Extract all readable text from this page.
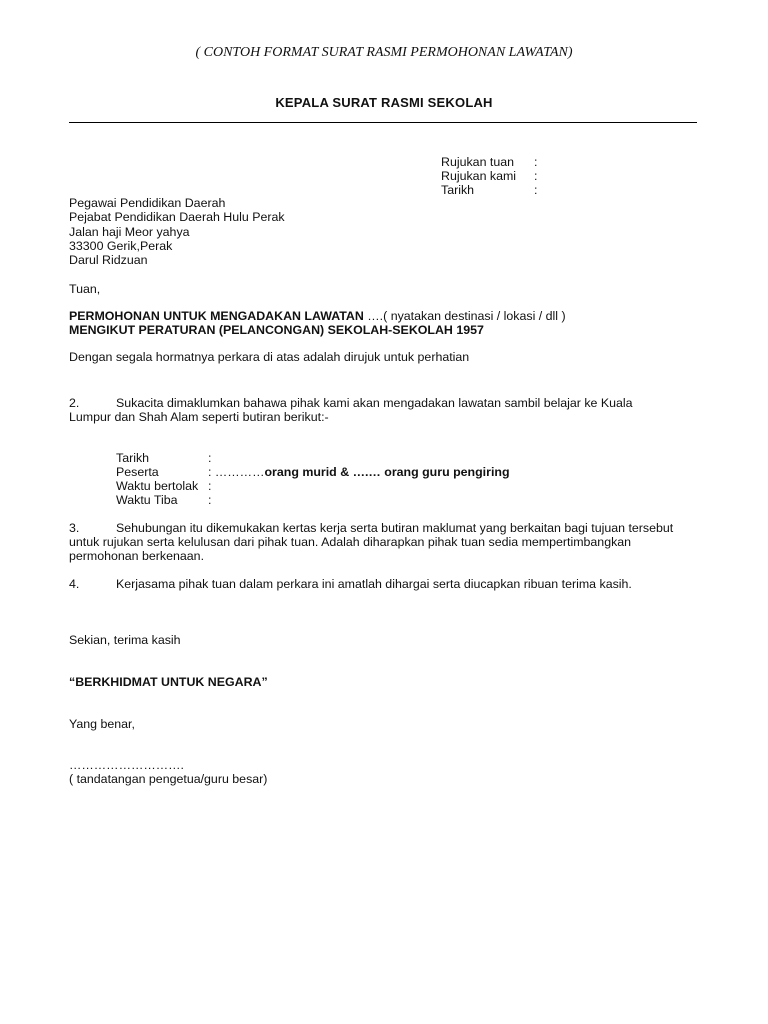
( CONTOH FORMAT SURAT RASMI PERMOHONAN LAWATAN)
KEPALA SURAT RASMI SEKOLAH
Rujukan tuan :
Rujukan kami :
Tarikh	:
Pegawai Pendidikan Daerah
Pejabat Pendidikan Daerah Hulu Perak
Jalan haji Meor yahya
33300 Gerik,Perak
Darul Ridzuan
Tuan,
PERMOHONAN UNTUK MENGADAKAN LAWATAN ….( nyatakan destinasi / lokasi / dll )
MENGIKUT PERATURAN (PELANCONGAN) SEKOLAH-SEKOLAH 1957
Dengan segala hormatnya perkara di atas adalah dirujuk untuk perhatian
2.	Sukacita dimaklumkan bahawa pihak kami akan mengadakan lawatan sambil belajar ke Kuala
Lumpur dan Shah Alam seperti butiran berikut:-
Tarikh	:
Peserta	: …………orang murid & ….… orang guru pengiring
Waktu bertolak :
Waktu Tiba :
3.	Sehubungan itu dikemukakan kertas kerja serta butiran maklumat yang berkaitan bagi tujuan tersebut
untuk rujukan serta kelulusan dari pihak tuan. Adalah diharapkan pihak tuan sedia mempertimbangkan
permohonan berkenaan.
4.	Kerjasama pihak tuan dalam perkara ini amatlah dihargai serta diucapkan ribuan terima kasih.
Sekian, terima kasih
“BERKHIDMAT UNTUK NEGARA”
Yang benar,
……………………….
( tandatangan pengetua/guru besar)
